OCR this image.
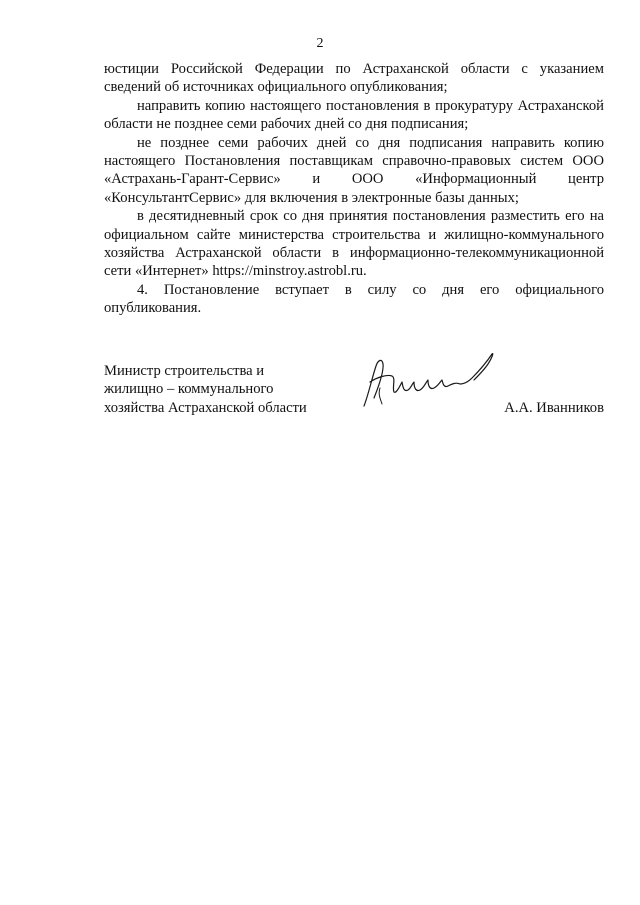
2

юстиции Российской Федерации по Астраханской области с указанием сведений об источниках официального опубликования;

направить копию настоящего постановления в прокуратуру Астраханской области не позднее семи рабочих дней со дня подписания;

не позднее семи рабочих дней со дня подписания направить копию настоящего Постановления поставщикам справочно-правовых систем ООО «Астрахань-Гарант-Сервис» и ООО «Информационный центр «КонсультантСервис» для включения в электронные базы данных;

в десятидневный срок со дня принятия постановления разместить его на официальном сайте министерства строительства и жилищно-коммунального хозяйства Астраханской области в информационно-телекоммуникационной сети «Интернет» https://minstroy.astrobl.ru.

4. Постановление вступает в силу со дня его официального опубликования.

Министр строительства и
жилищно – коммунального
хозяйства Астраханской области	А.А. Иванников
